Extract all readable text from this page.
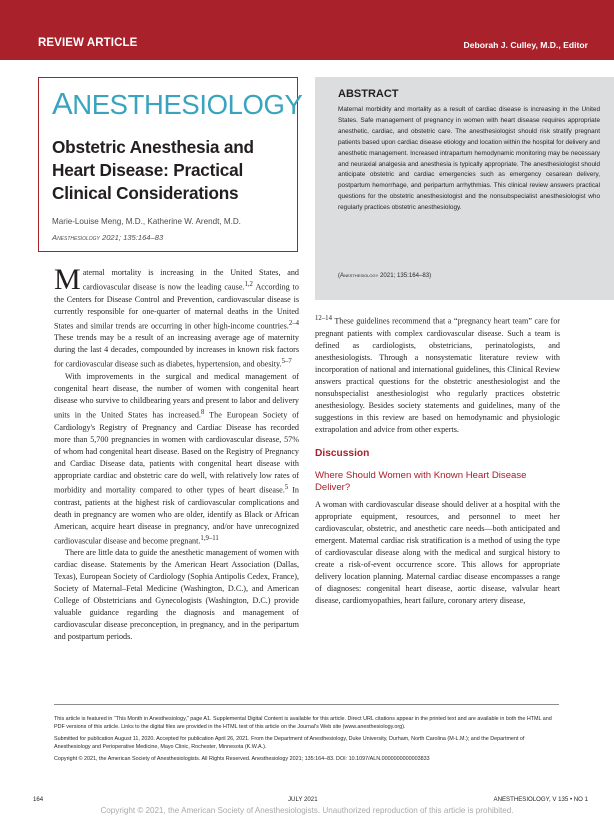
REVIEW ARTICLE	Deborah J. Culley, M.D., Editor
ANESTHESIOLOGY
Obstetric Anesthesia and Heart Disease: Practical Clinical Considerations
Marie-Louise Meng, M.D., Katherine W. Arendt, M.D.
Anesthesiology 2021; 135:164–83
ABSTRACT
Maternal morbidity and mortality as a result of cardiac disease is increasing in the United States. Safe management of pregnancy in women with heart disease requires appropriate anesthetic, cardiac, and obstetric care. The anesthesiologist should risk stratify pregnant patients based upon cardiac disease etiology and location within the hospital for delivery and anesthetic management. Increased intrapartum hemodynamic monitoring may be necessary and neuraxial analgesia and anesthesia is typically appropriate. The anesthesiologist should anticipate obstetric and cardiac emergencies such as emergency cesarean delivery, postpartum hemorrhage, and peripartum arrhythmias. This clinical review answers practical questions for the obstetric anesthesiologist and the nonsubspecialist anesthesiologist who regularly practices obstetric anesthesiology.
(Anesthesiology 2021; 135:164–83)

Maternal mortality is increasing in the United States, and cardiovascular disease is now the leading cause.$^{1,2}$ According to the Centers for Disease Control and Prevention, cardiovascular disease is currently responsible for one-quarter of maternal deaths in the United States and similar trends are occurring in other high-income countries.$^{2-4}$ These trends may be a result of an increasing average age of maternity during the last 4 decades, compounded by increases in known risk factors for cardiovascular disease such as diabetes, hypertension, and obesity.$^{5-7}$

With improvements in the surgical and medical management of congenital heart disease, the number of women with congenital heart disease who survive to childbearing years and present to labor and delivery units in the United States has increased.$^8$ The European Society of Cardiology's Registry of Pregnancy and Cardiac Disease has recorded more than 5,700 pregnancies in women with cardiovascular disease, 57% of whom had congenital heart disease. Based on the Registry of Pregnancy and Cardiac Disease data, patients with congenital heart disease with appropriate cardiac and obstetric care do well, with relatively low rates of morbidity and mortality compared to other types of heart disease.$^5$ In contrast, patients at the highest risk of cardiovascular complications and death in pregnancy are women who are older, identify as Black or African American, acquire heart disease in pregnancy, and/or have unrecognized cardiovascular disease and become pregnant.$^{1,9-11}$

There are little data to guide the anesthetic management of women with cardiac disease. Statements by the American Heart Association (Dallas, Texas), European Society of Cardiology (Sophia Antipolis Cedex, France), Society of Maternal–Fetal Medicine (Washington, D.C.), and American College of Obstetricians and Gynecologists (Washington, D.C.) provide valuable guidance regarding the diagnosis and management of cardiovascular disease preconception, in pregnancy, and in the peripartum and postpartum periods.

$^{12-14}$ These guidelines recommend that a “pregnancy heart team” care for pregnant patients with complex cardiovascular disease. Such a team is defined as cardiologists, obstetricians, perinatologists, and anesthesiologists. Through a nonsystematic literature review with incorporation of national and international guidelines, this Clinical Review answers practical questions for the obstetric anesthesiologist and the nonsubspecialist anesthesiologist who regularly practices obstetric anesthesiology. Besides society statements and guidelines, many of the suggestions in this review are based on hemodynamic and physiologic extrapolation and advice from other experts.

Discussion
Where Should Women with Known Heart Disease Deliver?

A woman with cardiovascular disease should deliver at a hospital with the appropriate equipment, resources, and personnel to meet her cardiovascular, obstetric, and anesthetic care needs—both anticipated and emergent. Maternal cardiac risk stratification is a method of using the type of cardiovascular disease along with the medical and surgical history to create a risk-of-event occurrence score. This allows for appropriate delivery location planning. Maternal cardiac disease encompasses a range of diagnoses: congenital heart disease, aortic disease, valvular heart disease, cardiomyopathies, heart failure, coronary artery disease,

This article is featured in “This Month in Anesthesiology,” page A1. Supplemental Digital Content is available for this article. Direct URL citations appear in the printed text and are available in both the HTML and PDF versions of this article. Links to the digital files are provided in the HTML text of this article on the Journal's Web site (www.anesthesiology.org).

Submitted for publication August 11, 2020. Accepted for publication April 26, 2021. From the Department of Anesthesiology, Duke University, Durham, North Carolina (M-L.M.); and the Department of Anesthesiology and Perioperative Medicine, Mayo Clinic, Rochester, Minnesota (K.W.A.).

Copyright © 2021, the American Society of Anesthesiologists. All Rights Reserved. Anesthesiology 2021; 135:164–83. DOI: 10.1097/ALN.0000000000003833

164	JULY 2021	ANESTHESIOLOGY, V 135 • NO 1
Copyright © 2021, the American Society of Anesthesiologists. Unauthorized reproduction of this article is prohibited.
